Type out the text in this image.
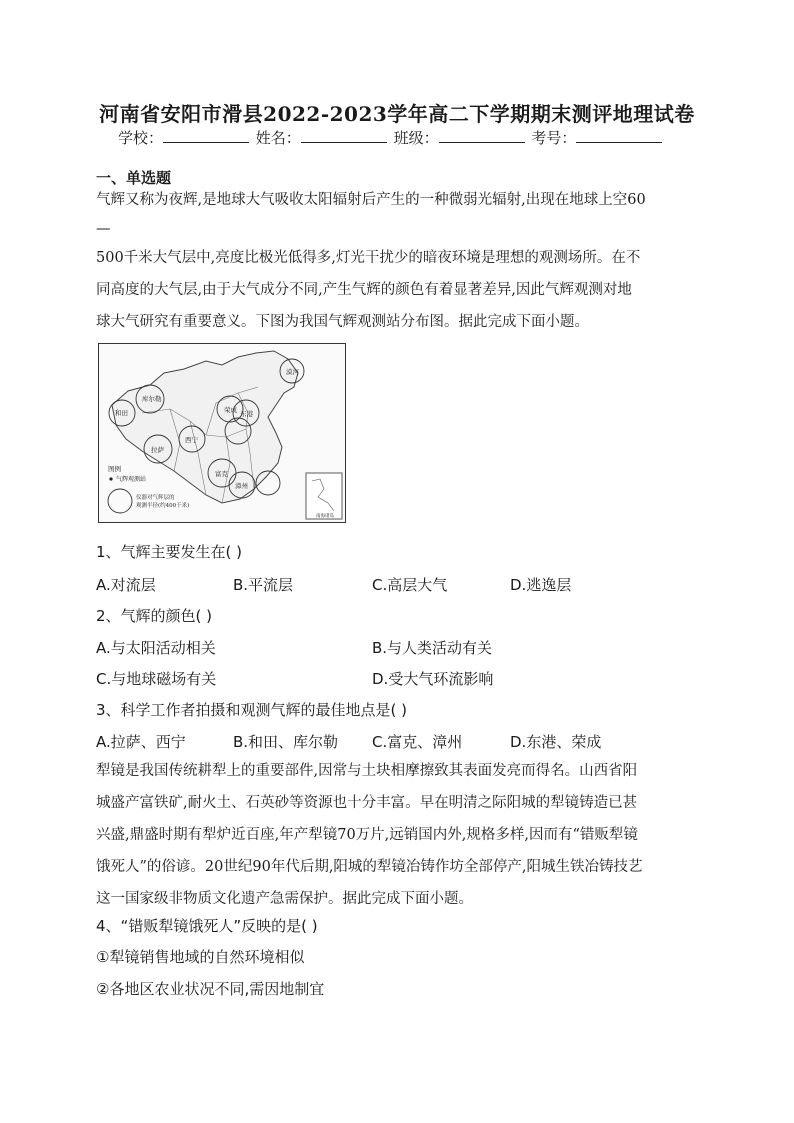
河南省安阳市滑县2022-2023学年高二下学期期末测评地理试卷
学校：	姓名：	班级：	考号：
一、单选题
气辉又称为夜辉,是地球大气吸收太阳辐射后产生的一种微弱光辐射,出现在地球上空60
—
500千米大气层中,亮度比极光低得多,灯光干扰少的暗夜环境是理想的观测场所。在不
同高度的大气层,由于大气成分不同,产生气辉的颜色有着显著差异,因此气辉观测对地
球大气研究有重要意义。下图为我国气辉观测站分布图。据此完成下面小题。
和田
库尔勒
拉萨
西宁
荣成 东港
富克
漳州
漠河
图例
气辉观测站
仪器对气辉层的
观测半径(约400千米)
南海诸岛
1、气辉主要发生在( )
A.对流层	B.平流层	C.高层大气	D.逃逸层
2、气辉的颜色( )
A.与太阳活动相关	B.与人类活动有关
C.与地球磁场有关	D.受大气环流影响
3、科学工作者拍摄和观测气辉的最佳地点是( )
A.拉萨、西宁	B.和田、库尔勒 C.富克、漳州	D.东港、荣成
犁镜是我国传统耕犁上的重要部件,因常与土块相摩擦致其表面发亮而得名。山西省阳
城盛产富铁矿,耐火土、石英砂等资源也十分丰富。早在明清之际阳城的犁镜铸造已甚
兴盛,鼎盛时期有犁炉近百座,年产犁镜70万片,远销国内外,规格多样,因而有“错贩犁镜
饿死人”的俗谚。20世纪90年代后期,阳城的犁镜冶铸作坊全部停产,阳城生铁冶铸技艺
这一国家级非物质文化遗产急需保护。据此完成下面小题。
4、“错贩犁镜饿死人”反映的是( )
①犁镜销售地域的自然环境相似
②各地区农业状况不同,需因地制宜
